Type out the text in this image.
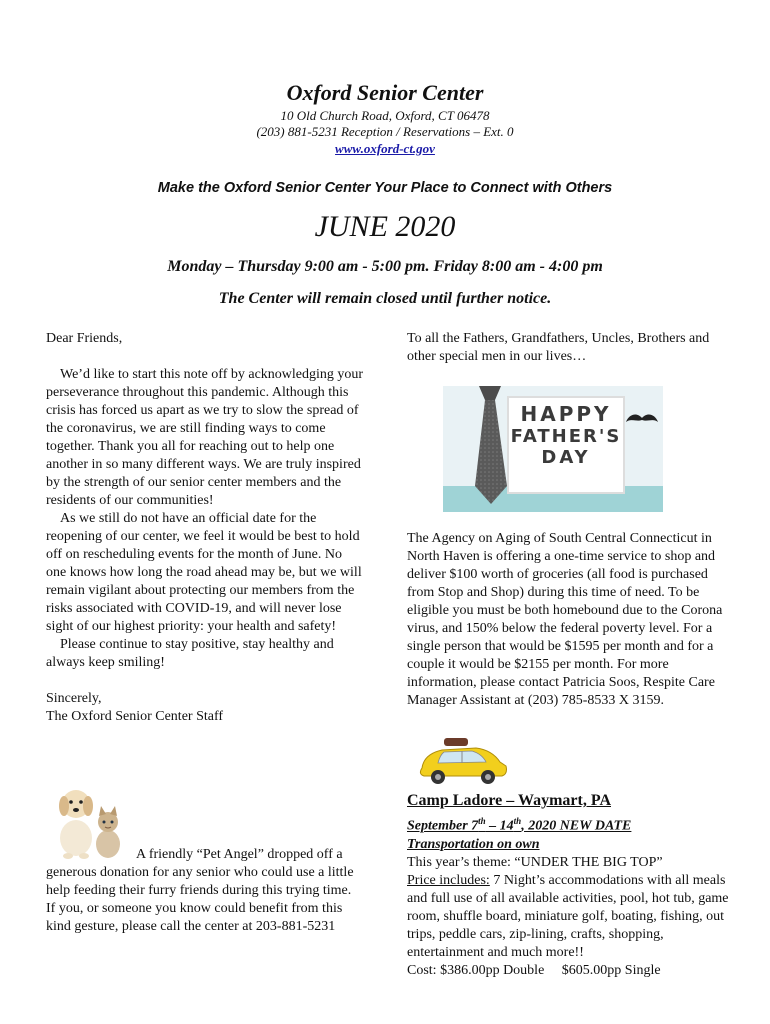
Oxford Senior Center
10 Old Church Road, Oxford, CT 06478
(203) 881-5231 Reception / Reservations – Ext. 0
www.oxford-ct.gov
Make the Oxford Senior Center Your Place to Connect with Others
JUNE 2020
Monday – Thursday 9:00 am - 5:00 pm. Friday 8:00 am - 4:00 pm
The Center will remain closed until further notice.

Dear Friends,

We’d like to start this note off by acknowledging your perseverance throughout this pandemic. Although this crisis has forced us apart as we try to slow the spread of the coronavirus, we are still finding ways to come together. Thank you all for reaching out to help one another in so many different ways. We are truly inspired by the strength of our senior center members and the residents of our communities!

As we still do not have an official date for the reopening of our center, we feel it would be best to hold off on rescheduling events for the month of June. No one knows how long the road ahead may be, but we will remain vigilant about protecting our members from the risks associated with COVID-19, and will never lose sight of our highest priority: your health and safety!

Please continue to stay positive, stay healthy and always keep smiling!

Sincerely,

The Oxford Senior Center Staff

A friendly “Pet Angel” dropped off a generous donation for any senior who could use a little help feeding their furry friends during this trying time. If you, or someone you know could benefit from this kind gesture, please call the center at 203-881-5231

To all the Fathers, Grandfathers, Uncles, Brothers and other special men in our lives…

HAPPY
FATHER'S
DAY

The Agency on Aging of South Central Connecticut in North Haven is offering a one-time service to shop and deliver $100 worth of groceries (all food is purchased from Stop and Shop) during this time of need. To be eligible you must be both homebound due to the Corona virus, and 150% below the federal poverty level. For a single person that would be $1595 per month and for a couple it would be $2155 per month. For more information, please contact Patricia Soos, Respite Care Manager Assistant at (203) 785-8533 X 3159.

Camp Ladore – Waymart, PA

September 7th – 14th, 2020 NEW DATE

Transportation on own

This year’s theme: “UNDER THE BIG TOP”

Price includes: 7 Night’s accommodations with all meals and full use of all available activities, pool, hot tub, game room, shuffle board, miniature golf, boating, fishing, out trips, peddle cars, zip-lining, crafts, shopping, entertainment and much more!!

Cost: $386.00pp Double     $605.00pp Single
